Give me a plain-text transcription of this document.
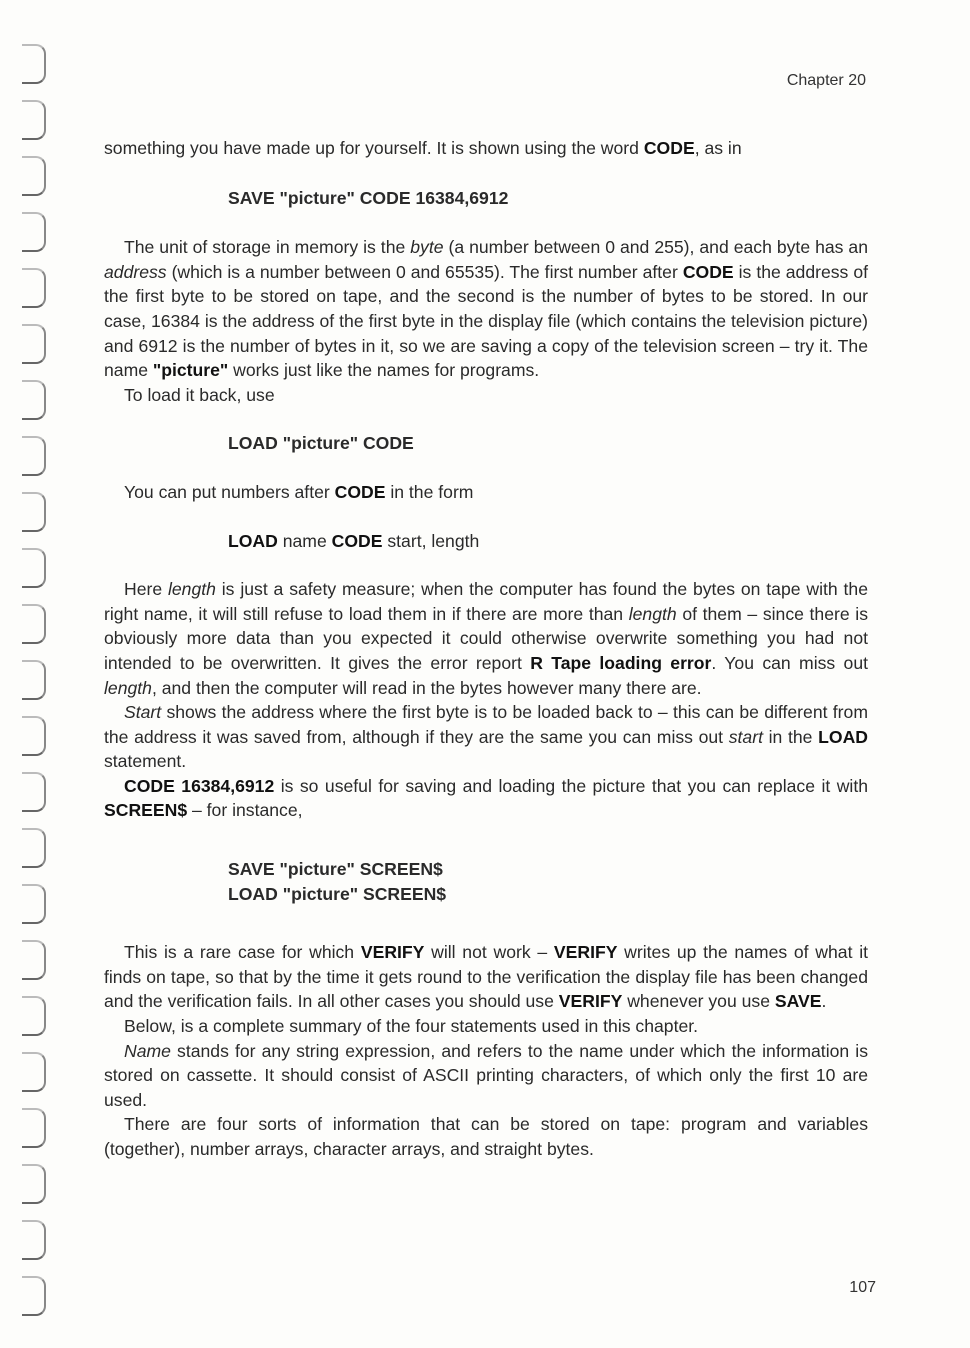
Chapter 20

something you have made up for yourself. It is shown using the word CODE, as in

SAVE "picture" CODE 16384,6912

The unit of storage in memory is the byte (a number between 0 and 255), and each byte has an address (which is a number between 0 and 65535). The first number after CODE is the address of the first byte to be stored on tape, and the second is the number of bytes to be stored. In our case, 16384 is the address of the first byte in the display file (which contains the television picture) and 6912 is the number of bytes in it, so we are saving a copy of the television screen – try it. The name "picture" works just like the names for programs.

To load it back, use

LOAD "picture" CODE

You can put numbers after CODE in the form

LOAD name CODE start, length

Here length is just a safety measure; when the computer has found the bytes on tape with the right name, it will still refuse to load them in if there are more than length of them – since there is obviously more data than you expected it could otherwise overwrite something you had not intended to be overwritten. It gives the error report R Tape loading error. You can miss out length, and then the computer will read in the bytes however many there are.

Start shows the address where the first byte is to be loaded back to – this can be different from the address it was saved from, although if they are the same you can miss out start in the LOAD statement.

CODE 16384,6912 is so useful for saving and loading the picture that you can replace it with SCREEN$ – for instance,

SAVE "picture" SCREEN$

LOAD "picture" SCREEN$

This is a rare case for which VERIFY will not work – VERIFY writes up the names of what it finds on tape, so that by the time it gets round to the verification the display file has been changed and the verification fails. In all other cases you should use VERIFY whenever you use SAVE.

Below, is a complete summary of the four statements used in this chapter.

Name stands for any string expression, and refers to the name under which the information is stored on cassette. It should consist of ASCII printing characters, of which only the first 10 are used.

There are four sorts of information that can be stored on tape: program and variables (together), number arrays, character arrays, and straight bytes.

107
